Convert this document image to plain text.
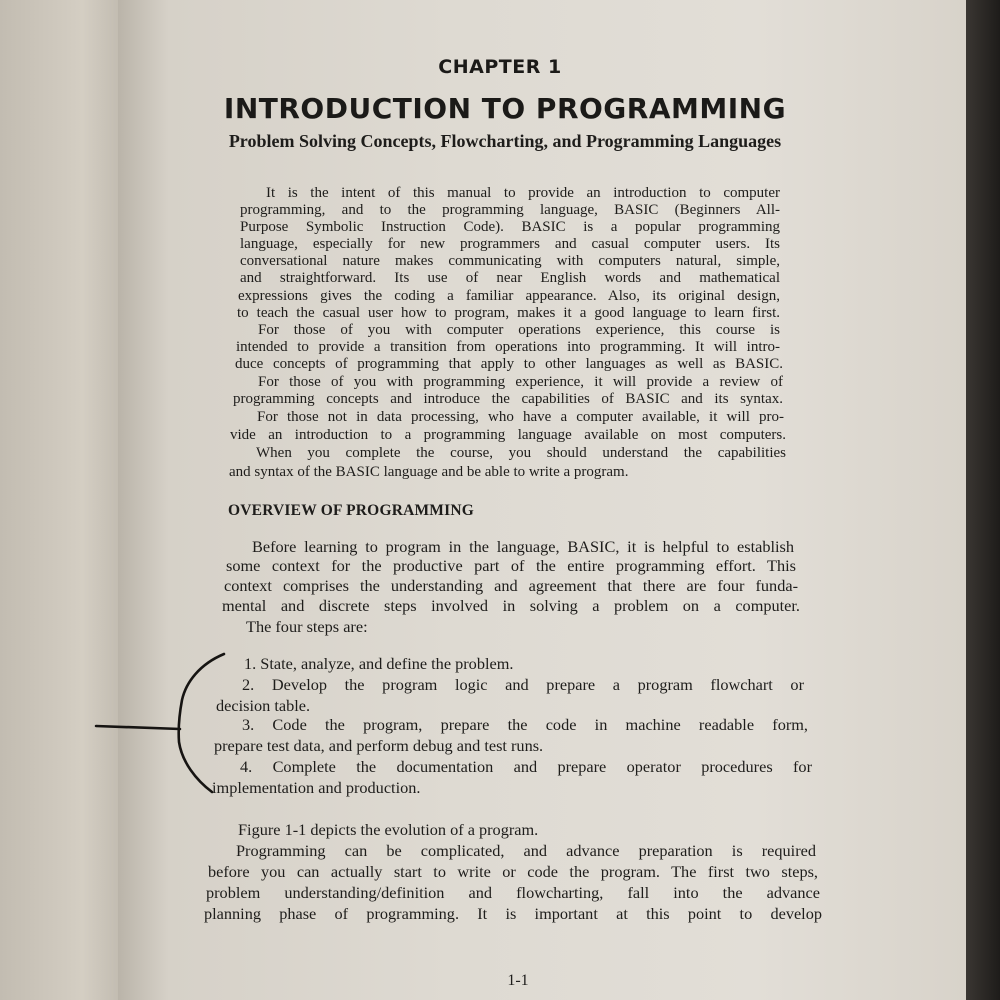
CHAPTER 1
INTRODUCTION TO PROGRAMMING
Problem Solving Concepts, Flowcharting, and Programming Languages
It is the intent of this manual to provide an introduction to computer
programming, and to the programming language, BASIC (Beginners All-
Purpose Symbolic Instruction Code). BASIC is a popular programming
language, especially for new programmers and casual computer users. Its
conversational nature makes communicating with computers natural, simple,
and straightforward. Its use of near English words and mathematical
expressions gives the coding a familiar appearance. Also, its original design,
to teach the casual user how to program, makes it a good language to learn first.
For those of you with computer operations experience, this course is
intended to provide a transition from operations into programming. It will intro-
duce concepts of programming that apply to other languages as well as BASIC.
For those of you with programming experience, it will provide a review of
programming concepts and introduce the capabilities of BASIC and its syntax.
For those not in data processing, who have a computer available, it will pro-
vide an introduction to a programming language available on most computers.
When you complete the course, you should understand the capabilities
and syntax of the BASIC language and be able to write a program.
OVERVIEW OF PROGRAMMING
Before learning to program in the language, BASIC, it is helpful to establish
some context for the productive part of the entire programming effort. This
context comprises the understanding and agreement that there are four funda-
mental and discrete steps involved in solving a problem on a computer.
The four steps are:
1. State, analyze, and define the problem.
2. Develop the program logic and prepare a program flowchart or
decision table.
3. Code the program, prepare the code in machine readable form,
prepare test data, and perform debug and test runs.
4. Complete the documentation and prepare operator procedures for
implementation and production.
Figure 1-1 depicts the evolution of a program.
Programming can be complicated, and advance preparation is required
before you can actually start to write or code the program. The first two steps,
problem understanding/definition and flowcharting, fall into the advance
planning phase of programming. It is important at this point to develop
1-1
